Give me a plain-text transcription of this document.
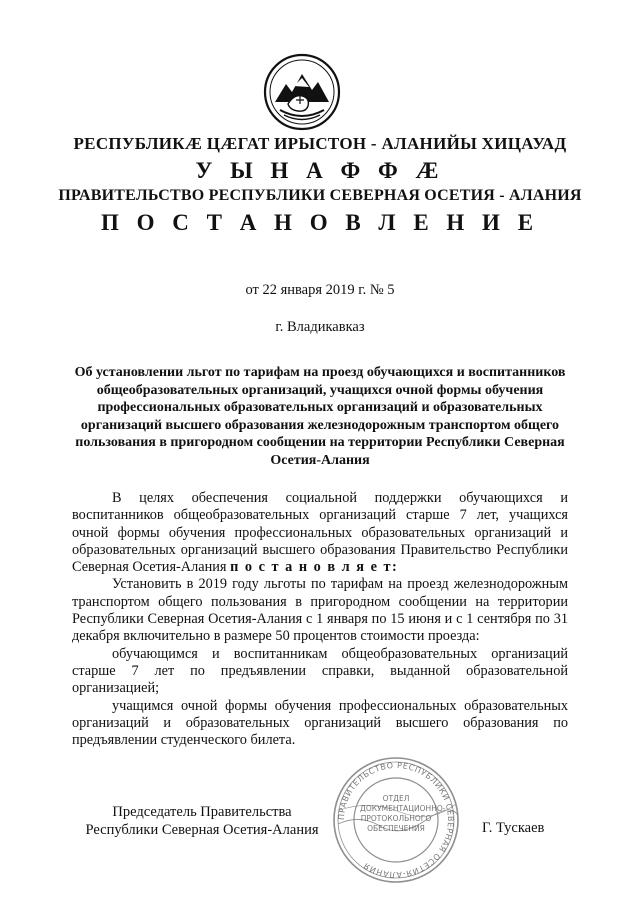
РЕСПУБЛИКÆ ЦÆГАТ ИРЫСТОН - АЛАНИЙЫ ХИЦАУАД
У Ы Н А Ф Ф Æ
ПРАВИТЕЛЬСТВО РЕСПУБЛИКИ СЕВЕРНАЯ ОСЕТИЯ - АЛАНИЯ
П О С Т А Н О В Л Е Н И Е
от 22 января 2019 г. № 5
г. Владикавказ
Об установлении льгот по тарифам на проезд обучающихся и воспитанников общеобразовательных организаций, учащихся очной формы обучения профессиональных образовательных организаций и образовательных организаций высшего образования железнодорожным транспортом общего пользования в пригородном сообщении на территории Республики Северная Осетия-Алания

В целях обеспечения социальной поддержки обучающихся и воспитанников общеобразовательных организаций старше 7 лет, учащихся очной формы обучения профессиональных образовательных организаций и образовательных организаций высшего образования Правительство Республики Северная Осетия-Алания п о с т а н о в л я е т:

Установить в 2019 году льготы по тарифам на проезд железнодорожным транспортом общего пользования в пригородном сообщении на территории Республики Северная Осетия-Алания с 1 января по 15 июня и с 1 сентября по 31 декабря включительно в размере 50 процентов стоимости проезда:

обучающимся и воспитанникам общеобразовательных организаций старше 7 лет по предъявлении справки, выданной образовательной организацией;

учащимся очной формы обучения профессиональных образовательных организаций и образовательных организаций высшего образования по предъявлении студенческого билета.

Председатель Правительства
Республики Северная Осетия-Алания	Г. Тускаев
ПРАВИТЕЛЬСТВО РЕСПУБЛИКИ СЕВЕРНАЯ ОСЕТИЯ-АЛАНИЯ
ОТДЕЛ ДОКУМЕНТАЦИОННО-ПРОТОКОЛЬНОГО ОБЕСПЕЧЕНИЯ
